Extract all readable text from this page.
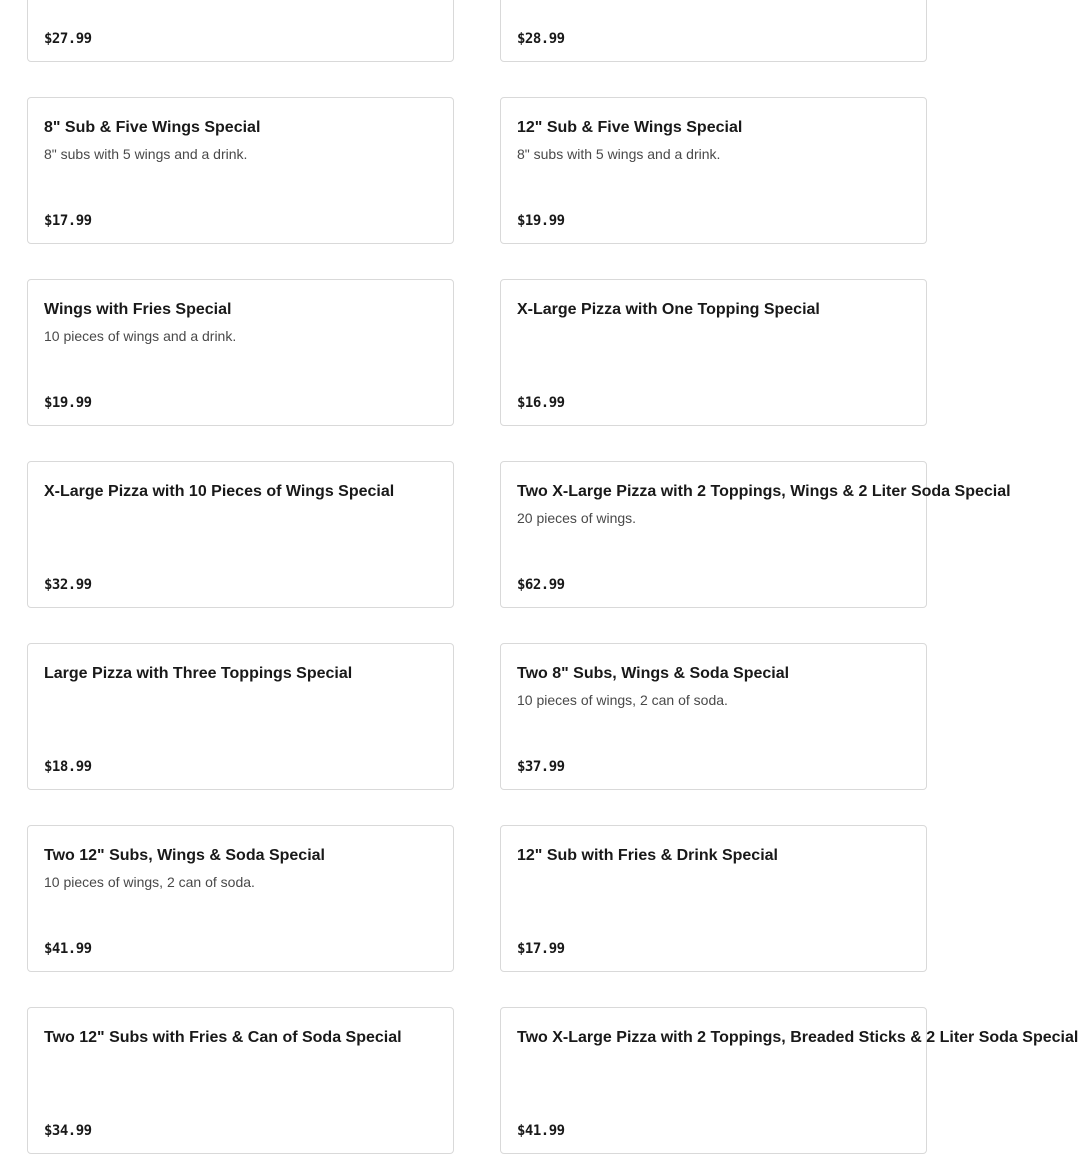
$27.99	$28.99
8" Sub & Five Wings Special
8" subs with 5 wings and a drink.
$17.99
12" Sub & Five Wings Special
8" subs with 5 wings and a drink.
$19.99
Wings with Fries Special
10 pieces of wings and a drink.
$19.99
X-Large Pizza with One Topping Special
$16.99
X-Large Pizza with 10 Pieces of Wings Special
$32.99
Two X-Large Pizza with 2 Toppings, Wings & 2 Liter Soda Special
20 pieces of wings.
$62.99
Large Pizza with Three Toppings Special
$18.99
Two 8" Subs, Wings & Soda Special
10 pieces of wings, 2 can of soda.
$37.99
Two 12" Subs, Wings & Soda Special
10 pieces of wings, 2 can of soda.
$41.99
12" Sub with Fries & Drink Special
$17.99
Two 12" Subs with Fries & Can of Soda Special
$34.99
Two X-Large Pizza with 2 Toppings, Breaded Sticks & 2 Liter Soda Special
$41.99
